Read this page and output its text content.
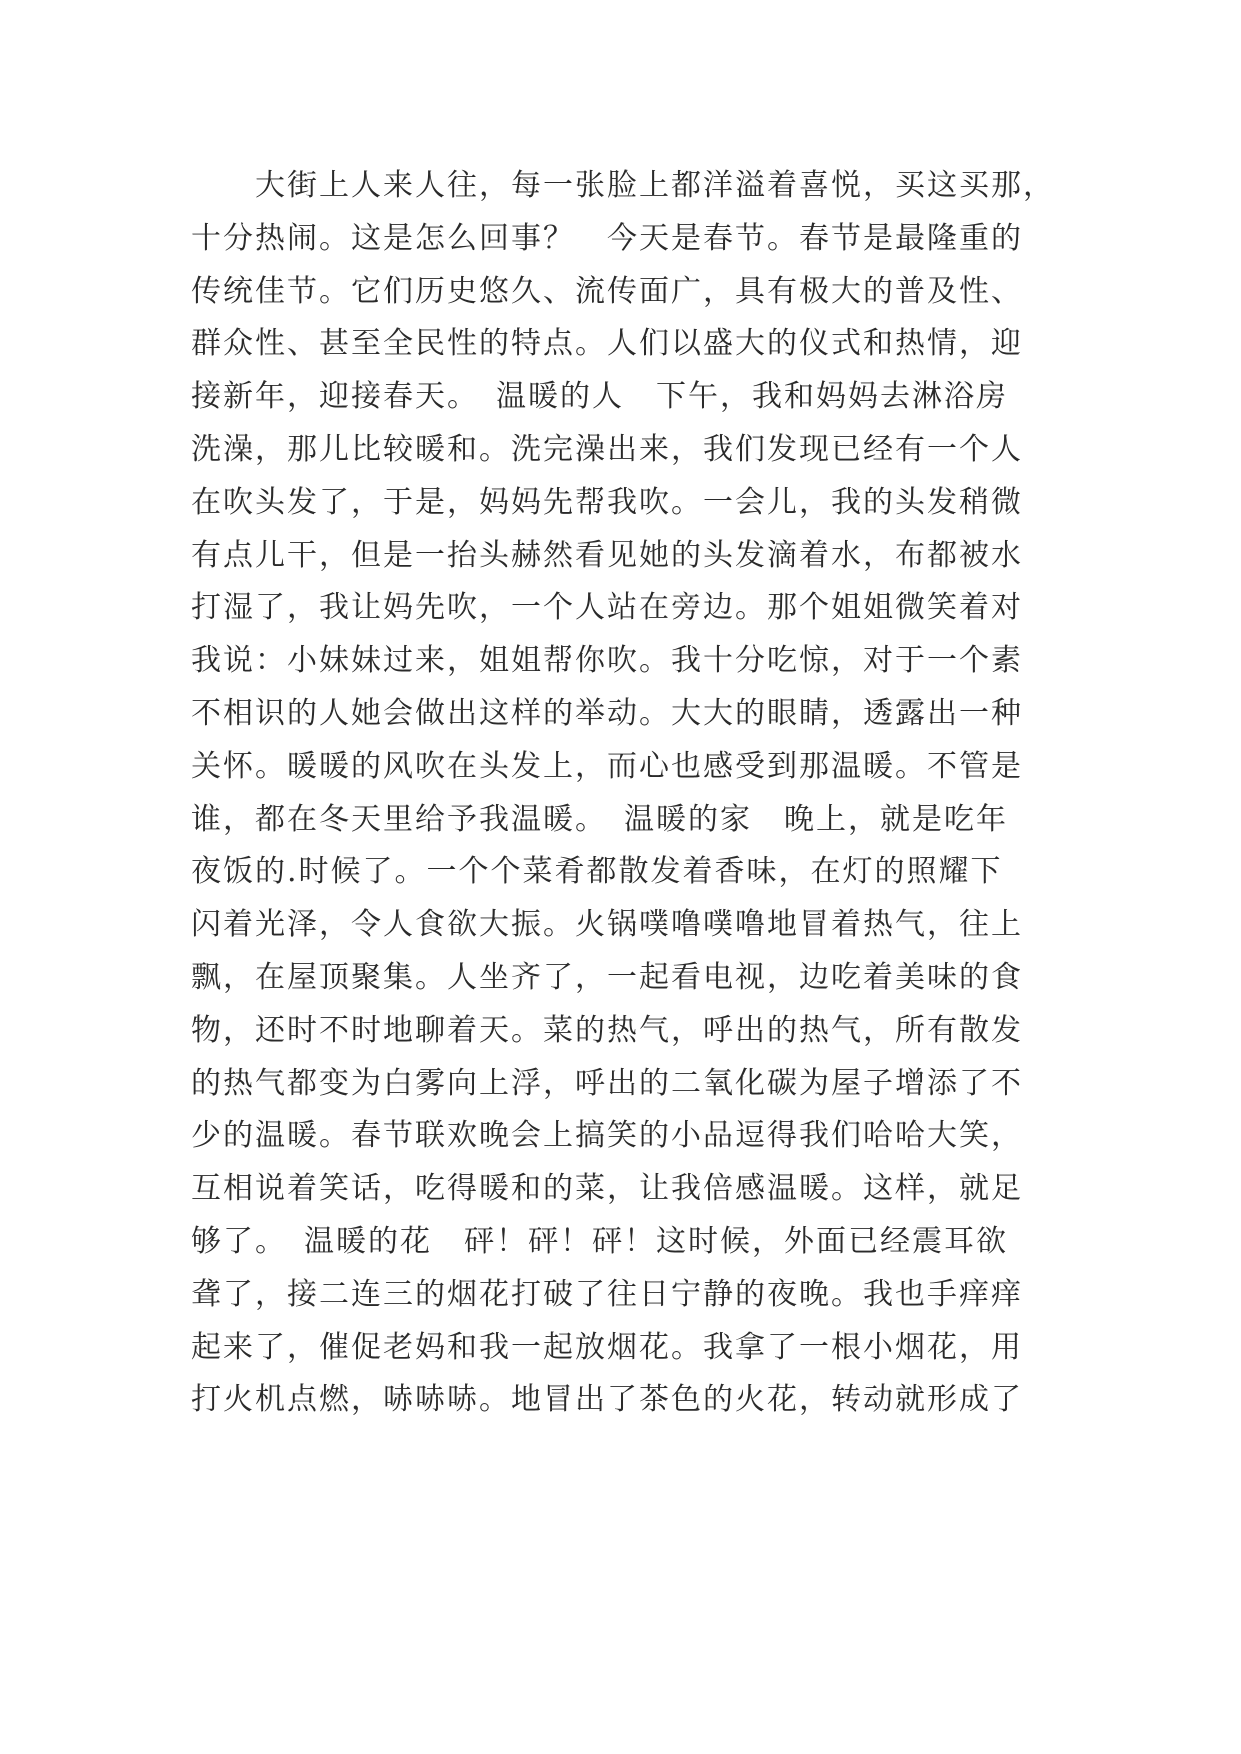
　　大街上人来人往，每一张脸上都洋溢着喜悦，买这买那，
十分热闹。这是怎么回事？　今天是春节。春节是最隆重的
传统佳节。它们历史悠久、流传面广，具有极大的普及性、
群众性、甚至全民性的特点。人们以盛大的仪式和热情，迎
接新年，迎接春天。　温暖的人　下午，我和妈妈去淋浴房
洗澡，那儿比较暖和。洗完澡出来，我们发现已经有一个人
在吹头发了，于是，妈妈先帮我吹。一会儿，我的头发稍微
有点儿干，但是一抬头赫然看见她的头发滴着水，布都被水
打湿了，我让妈先吹，一个人站在旁边。那个姐姐微笑着对
我说：小妹妹过来，姐姐帮你吹。我十分吃惊，对于一个素
不相识的人她会做出这样的举动。大大的眼睛，透露出一种
关怀。暖暖的风吹在头发上，而心也感受到那温暖。不管是
谁，都在冬天里给予我温暖。　温暖的家　晚上，就是吃年
夜饭的.时候了。一个个菜肴都散发着香味，在灯的照耀下
闪着光泽，令人食欲大振。火锅噗噜噗噜地冒着热气，往上
飘，在屋顶聚集。人坐齐了，一起看电视，边吃着美味的食
物，还时不时地聊着天。菜的热气，呼出的热气，所有散发
的热气都变为白雾向上浮，呼出的二氧化碳为屋子增添了不
少的温暖。春节联欢晚会上搞笑的小品逗得我们哈哈大笑，
互相说着笑话，吃得暖和的菜，让我倍感温暖。这样，就足
够了。　温暖的花　砰！砰！砰！这时候，外面已经震耳欲
聋了，接二连三的烟花打破了往日宁静的夜晚。我也手痒痒
起来了，催促老妈和我一起放烟花。我拿了一根小烟花，用
打火机点燃，哧哧哧。地冒出了茶色的火花，转动就形成了
